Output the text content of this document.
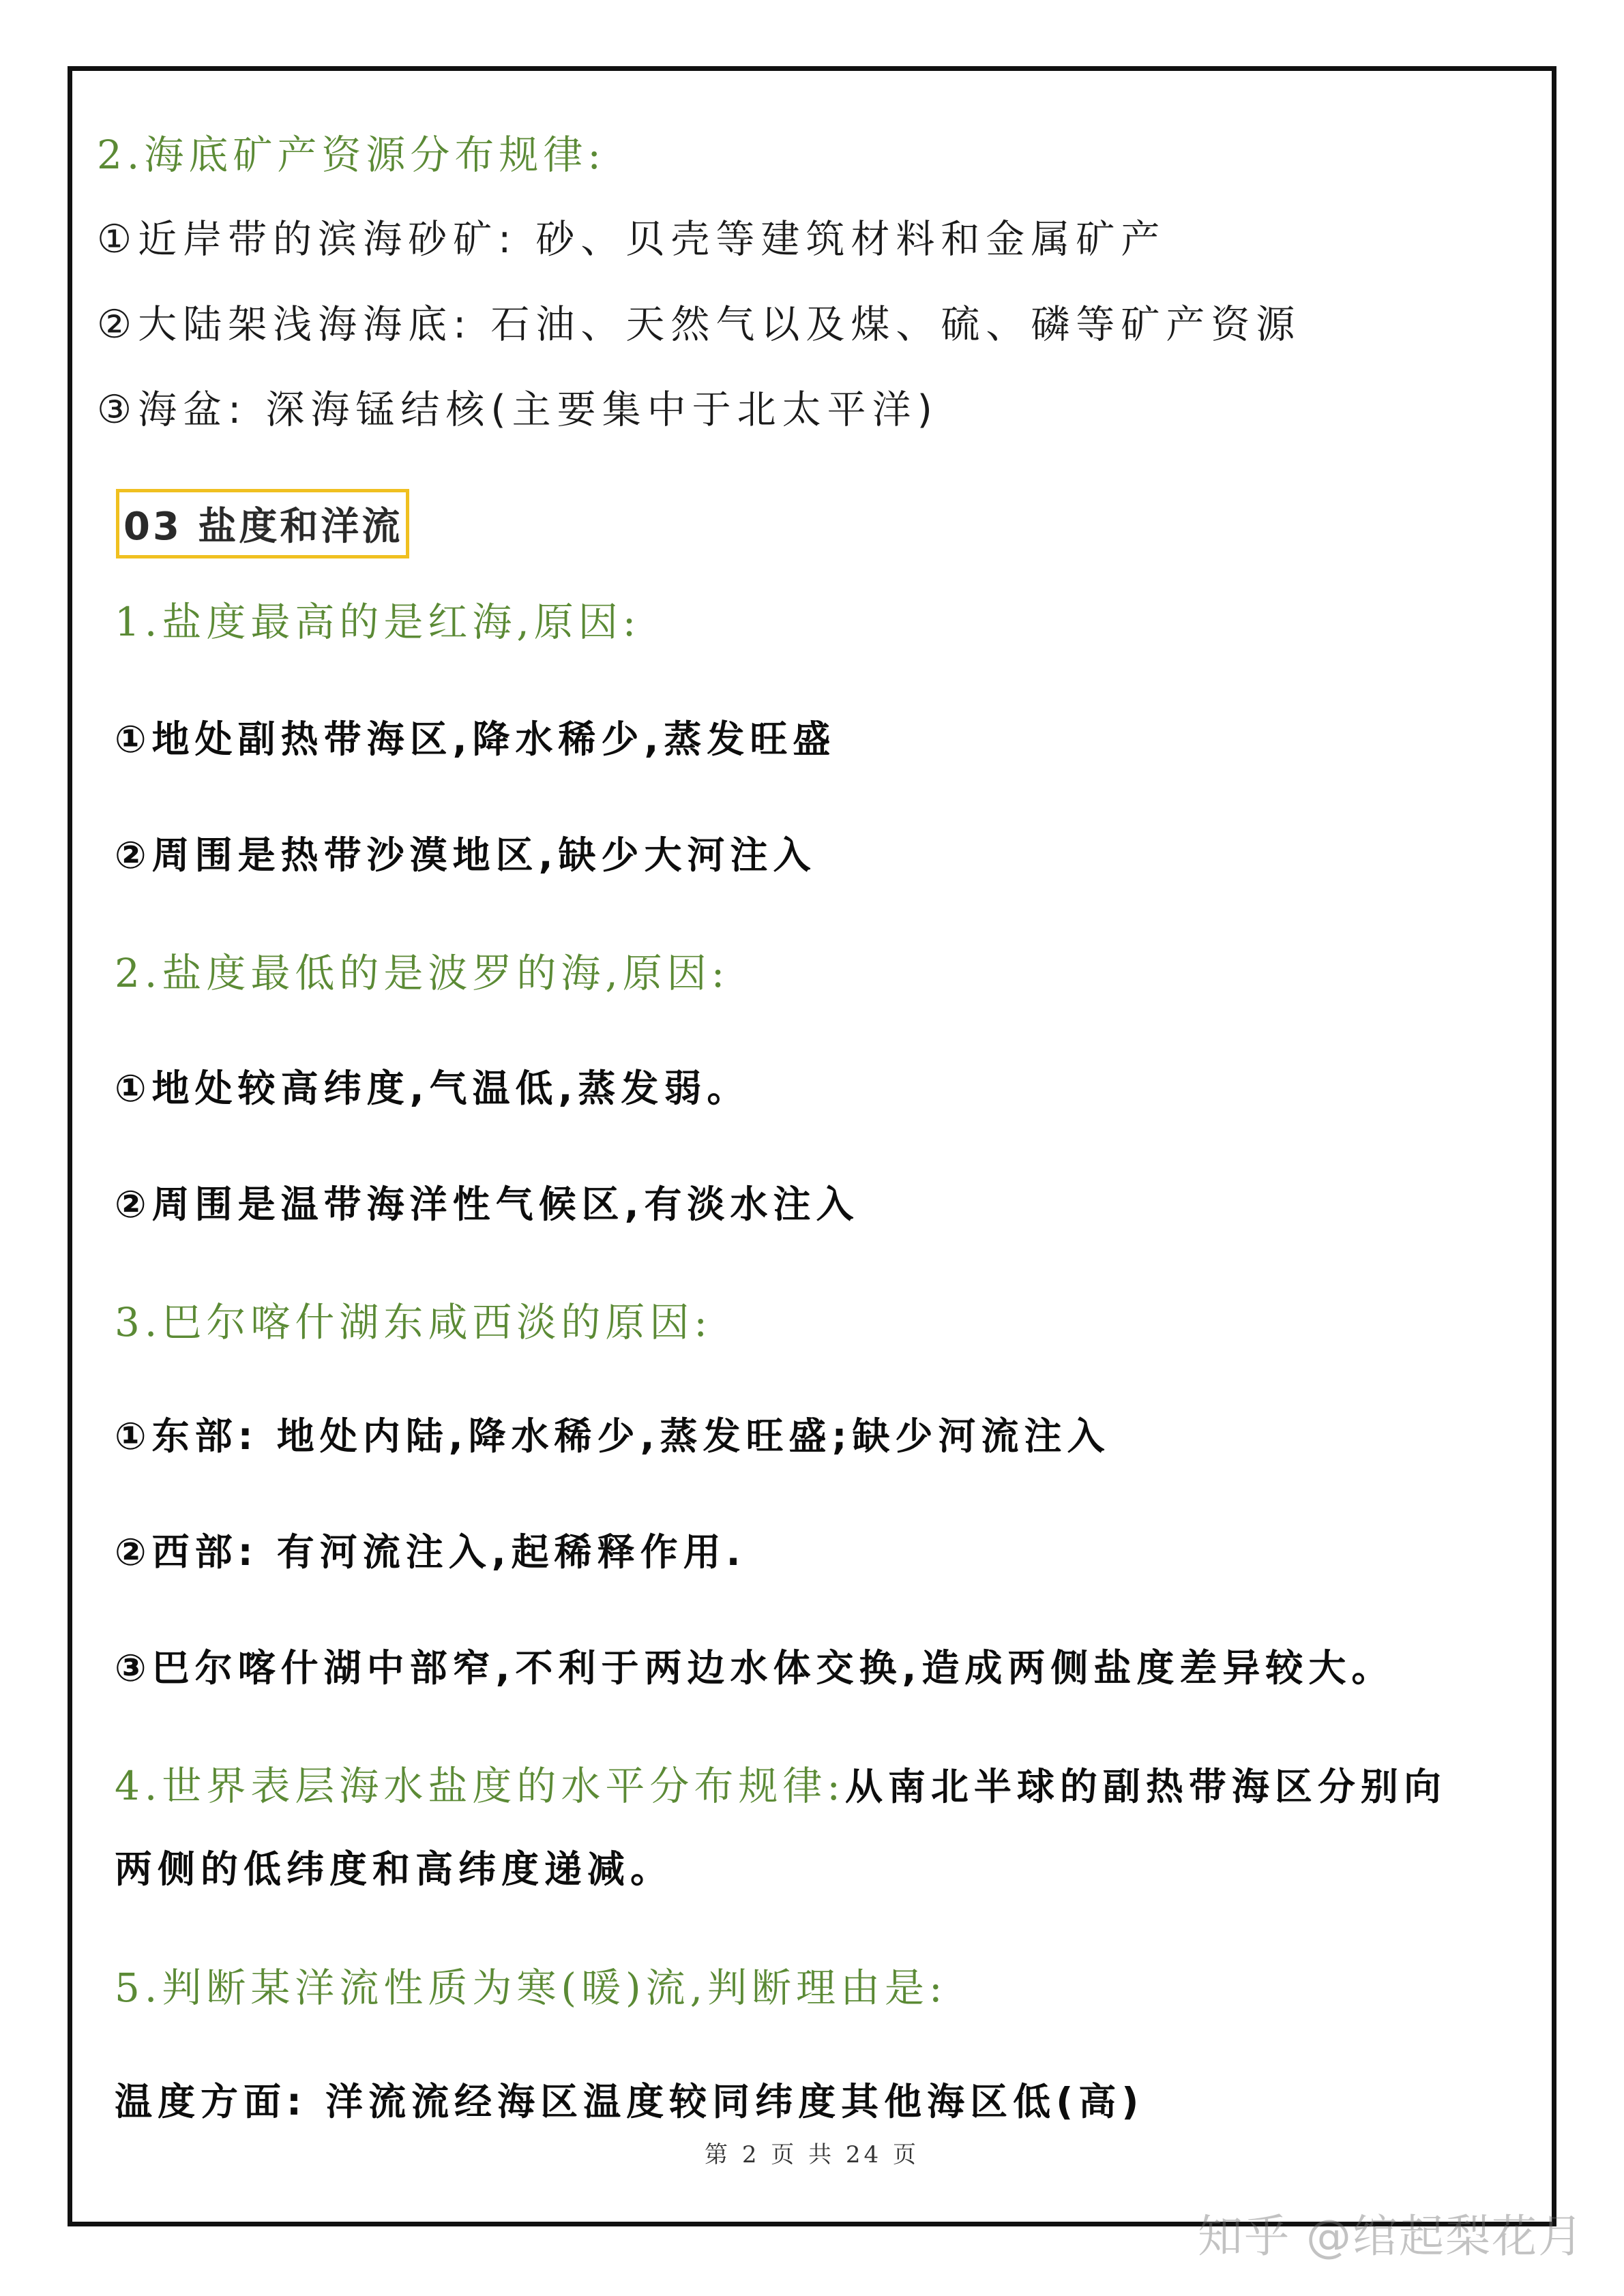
2.海底矿产资源分布规律:
①近岸带的滨海砂矿: 砂、贝壳等建筑材料和金属矿产
②大陆架浅海海底: 石油、天然气以及煤、硫、磷等矿产资源
③海盆: 深海锰结核(主要集中于北太平洋)
03 盐度和洋流
1.盐度最高的是红海,原因:
①地处副热带海区,降水稀少,蒸发旺盛
②周围是热带沙漠地区,缺少大河注入
2.盐度最低的是波罗的海,原因:
①地处较高纬度,气温低,蒸发弱。
②周围是温带海洋性气候区,有淡水注入
3.巴尔喀什湖东咸西淡的原因:
①东部: 地处内陆,降水稀少,蒸发旺盛;缺少河流注入
②西部: 有河流注入,起稀释作用.
③巴尔喀什湖中部窄,不利于两边水体交换,造成两侧盐度差异较大。
4.世界表层海水盐度的水平分布规律:从南北半球的副热带海区分别向
两侧的低纬度和高纬度递减。
5.判断某洋流性质为寒(暖)流,判断理由是:
温度方面: 洋流流经海区温度较同纬度其他海区低(高)
第 2 页 共 24 页
知乎 @绾起梨花月
